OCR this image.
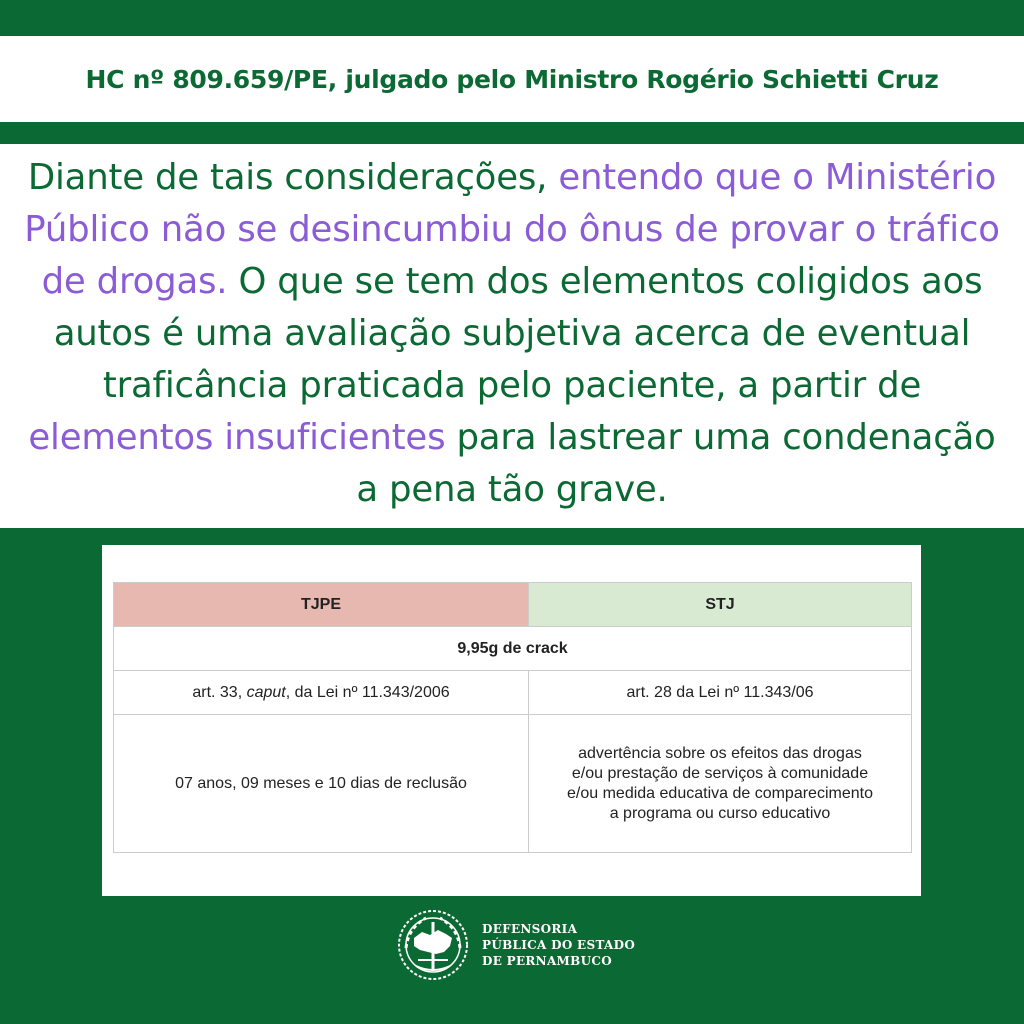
HC nº 809.659/PE, julgado pelo Ministro Rogério Schietti Cruz
Diante de tais considerações, entendo que o Ministério Público não se desincumbiu do ônus de provar o tráfico de drogas. O que se tem dos elementos coligidos aos autos é uma avaliação subjetiva acerca de eventual traficância praticada pelo paciente, a partir de elementos insuficientes para lastrear uma condenação a pena tão grave.
TJPE	STJ
9,95g de crack	
art. 33, caput, da Lei nº 11.343/2006	art. 28 da Lei nº 11.343/06
07 anos, 09 meses e 10 dias de reclusão	advertência sobre os efeitos das drogas
e/ou prestação de serviços à comunidade
e/ou medida educativa de comparecimento
a programa ou curso educativo
DEFENSORIA
PÚBLICA DO ESTADO
DE PERNAMBUCO
